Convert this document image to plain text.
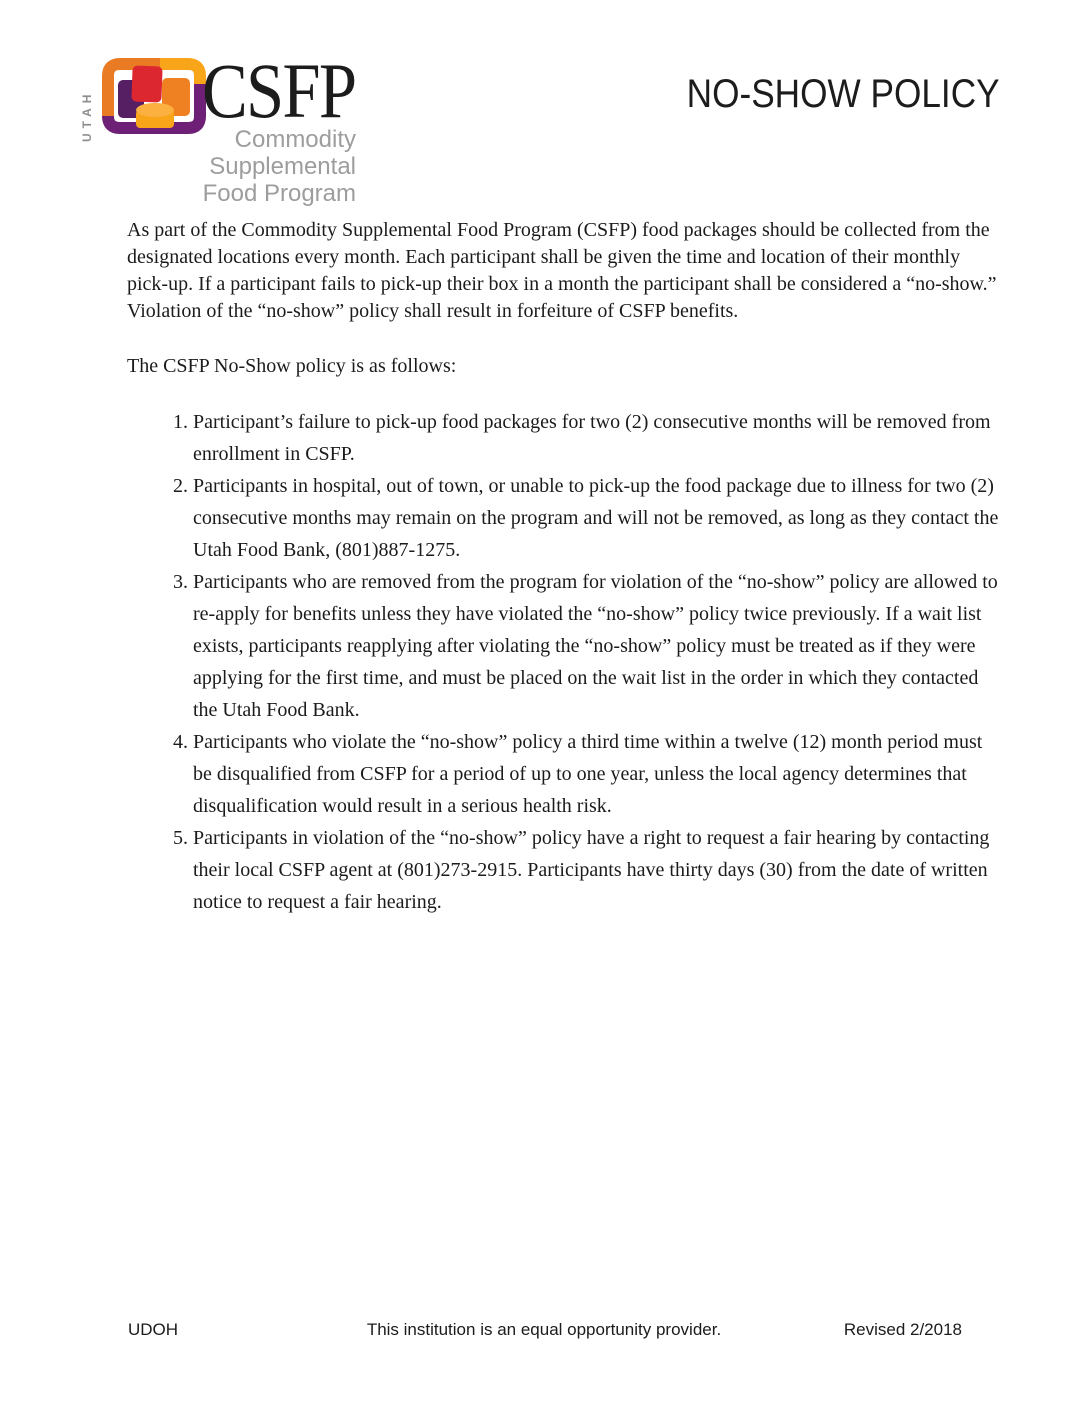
UTAH CSFP
Commodity Supplemental
Food Program
NO-SHOW POLICY

As part of the Commodity Supplemental Food Program (CSFP) food packages should be collected from the designated locations every month. Each participant shall be given the time and location of their monthly pick-up. If a participant fails to pick-up their box in a month the participant shall be considered a “no-show.” Violation of the “no-show” policy shall result in forfeiture of CSFP benefits.

The CSFP No-Show policy is as follows:

1. Participant’s failure to pick-up food packages for two (2) consecutive months will be removed from enrollment in CSFP.
2. Participants in hospital, out of town, or unable to pick-up the food package due to illness for two (2) consecutive months may remain on the program and will not be removed, as long as they contact the Utah Food Bank, (801)887-1275.
3. Participants who are removed from the program for violation of the “no-show” policy are allowed to re-apply for benefits unless they have violated the “no-show” policy twice previously. If a wait list exists, participants reapplying after violating the “no-show” policy must be treated as if they were applying for the first time, and must be placed on the wait list in the order in which they contacted the Utah Food Bank.
4. Participants who violate the “no-show” policy a third time within a twelve (12) month period must be disqualified from CSFP for a period of up to one year, unless the local agency determines that disqualification would result in a serious health risk.
5. Participants in violation of the “no-show” policy have a right to request a fair hearing by contacting their local CSFP agent at (801)273-2915. Participants have thirty days (30) from the date of written notice to request a fair hearing.
UDOH	This institution is an equal opportunity provider.	Revised 2/2018
